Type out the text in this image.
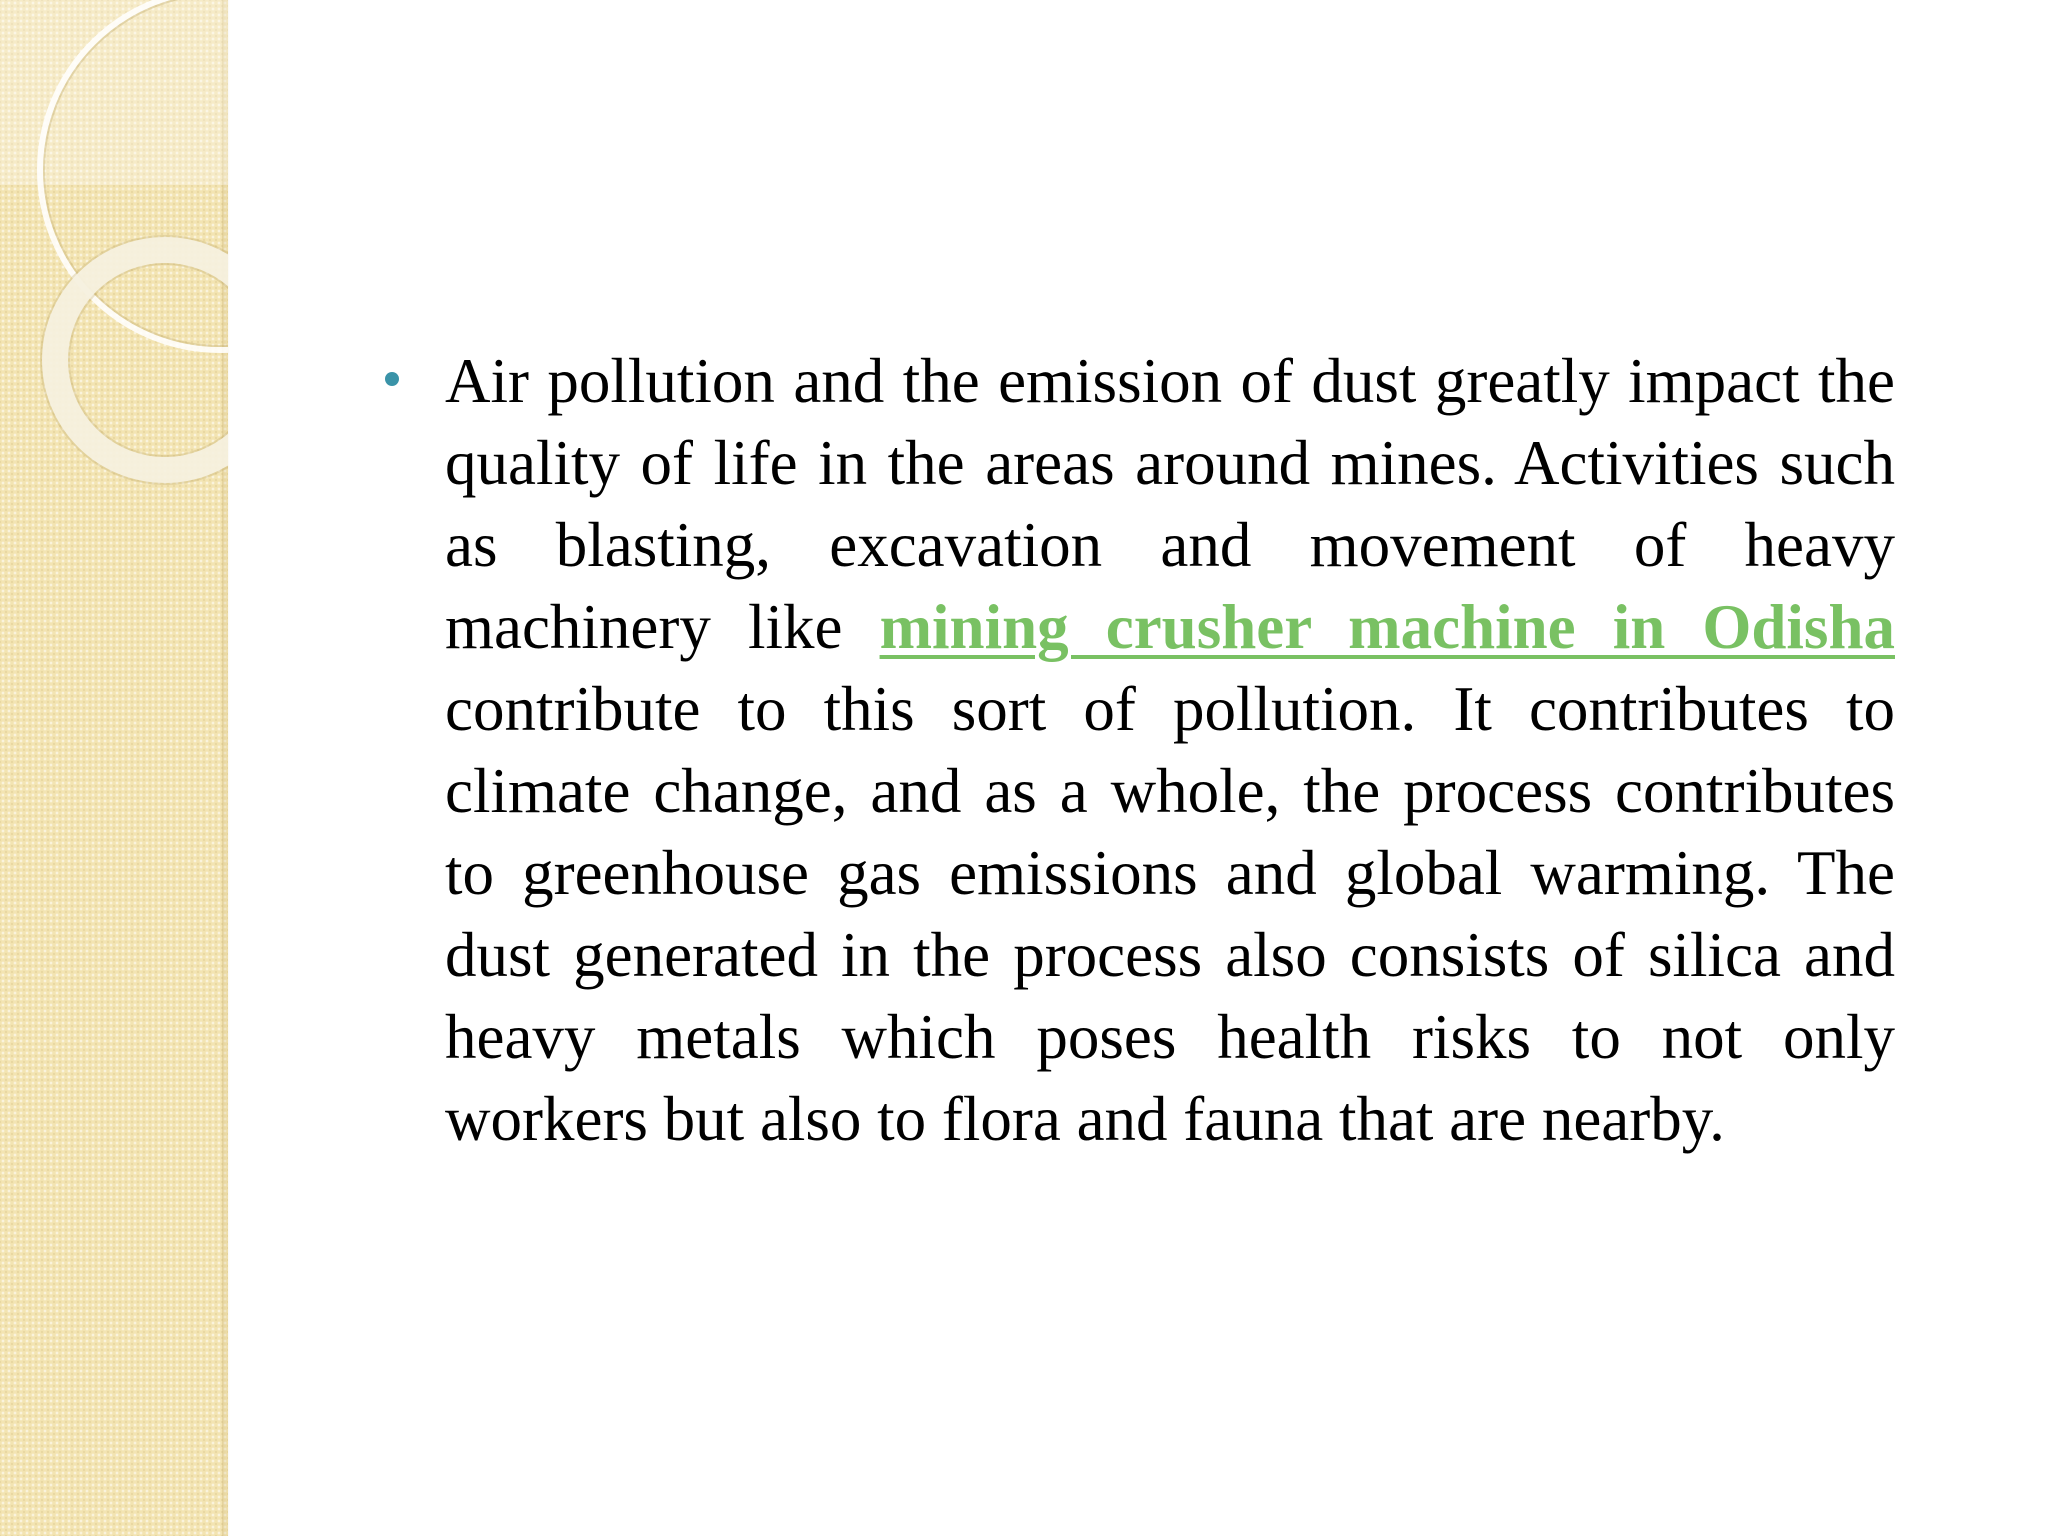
Air pollution and the emission of dust greatly impact the quality of life in the areas around mines. Activities such as blasting, excavation and movement of heavy machinery like mining crusher machine in Odisha contribute to this sort of pollution. It contributes to climate change, and as a whole, the process contributes to greenhouse gas emissions and global warming. The dust generated in the process also consists of silica and heavy metals which poses health risks to not only workers but also to flora and fauna that are nearby.
